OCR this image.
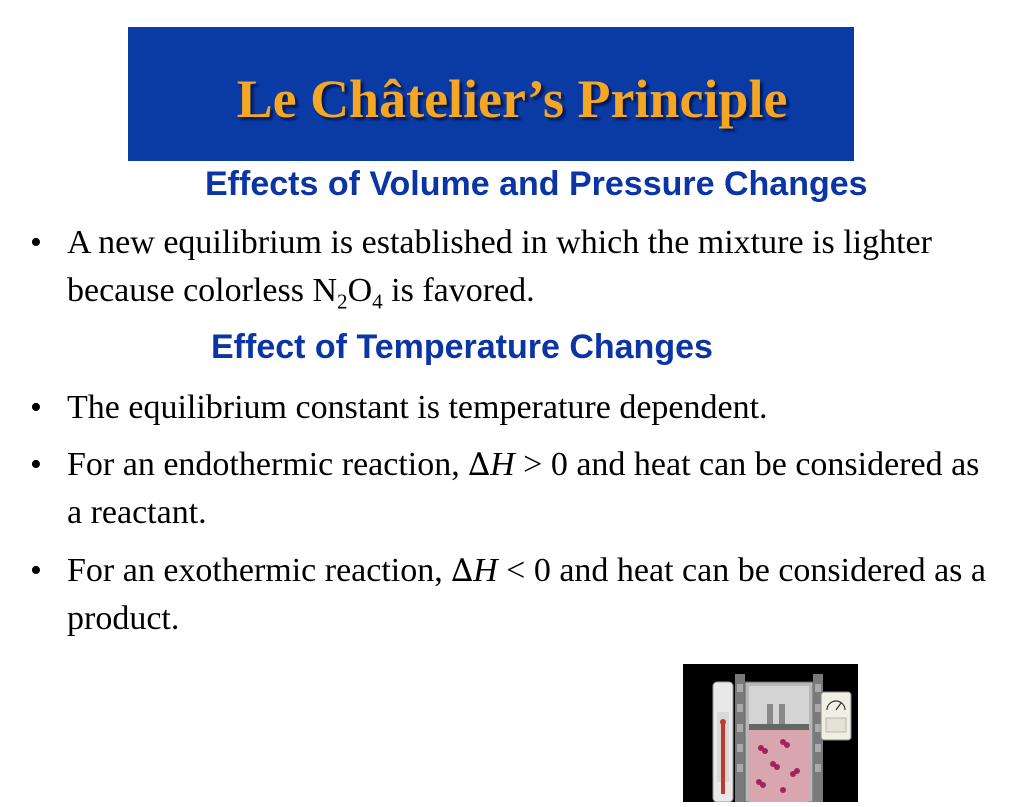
Le Châtelier’s Principle
Effects of Volume and Pressure Changes
• A new equilibrium is established in which the mixture is lighter because colorless $N_2O_4$ is favored.
Effect of Temperature Changes
• The equilibrium constant is temperature dependent.
• For an endothermic reaction, ∆H > 0 and heat can be considered as a reactant.
• For an exothermic reaction, ∆H < 0 and heat can be considered as a product.
